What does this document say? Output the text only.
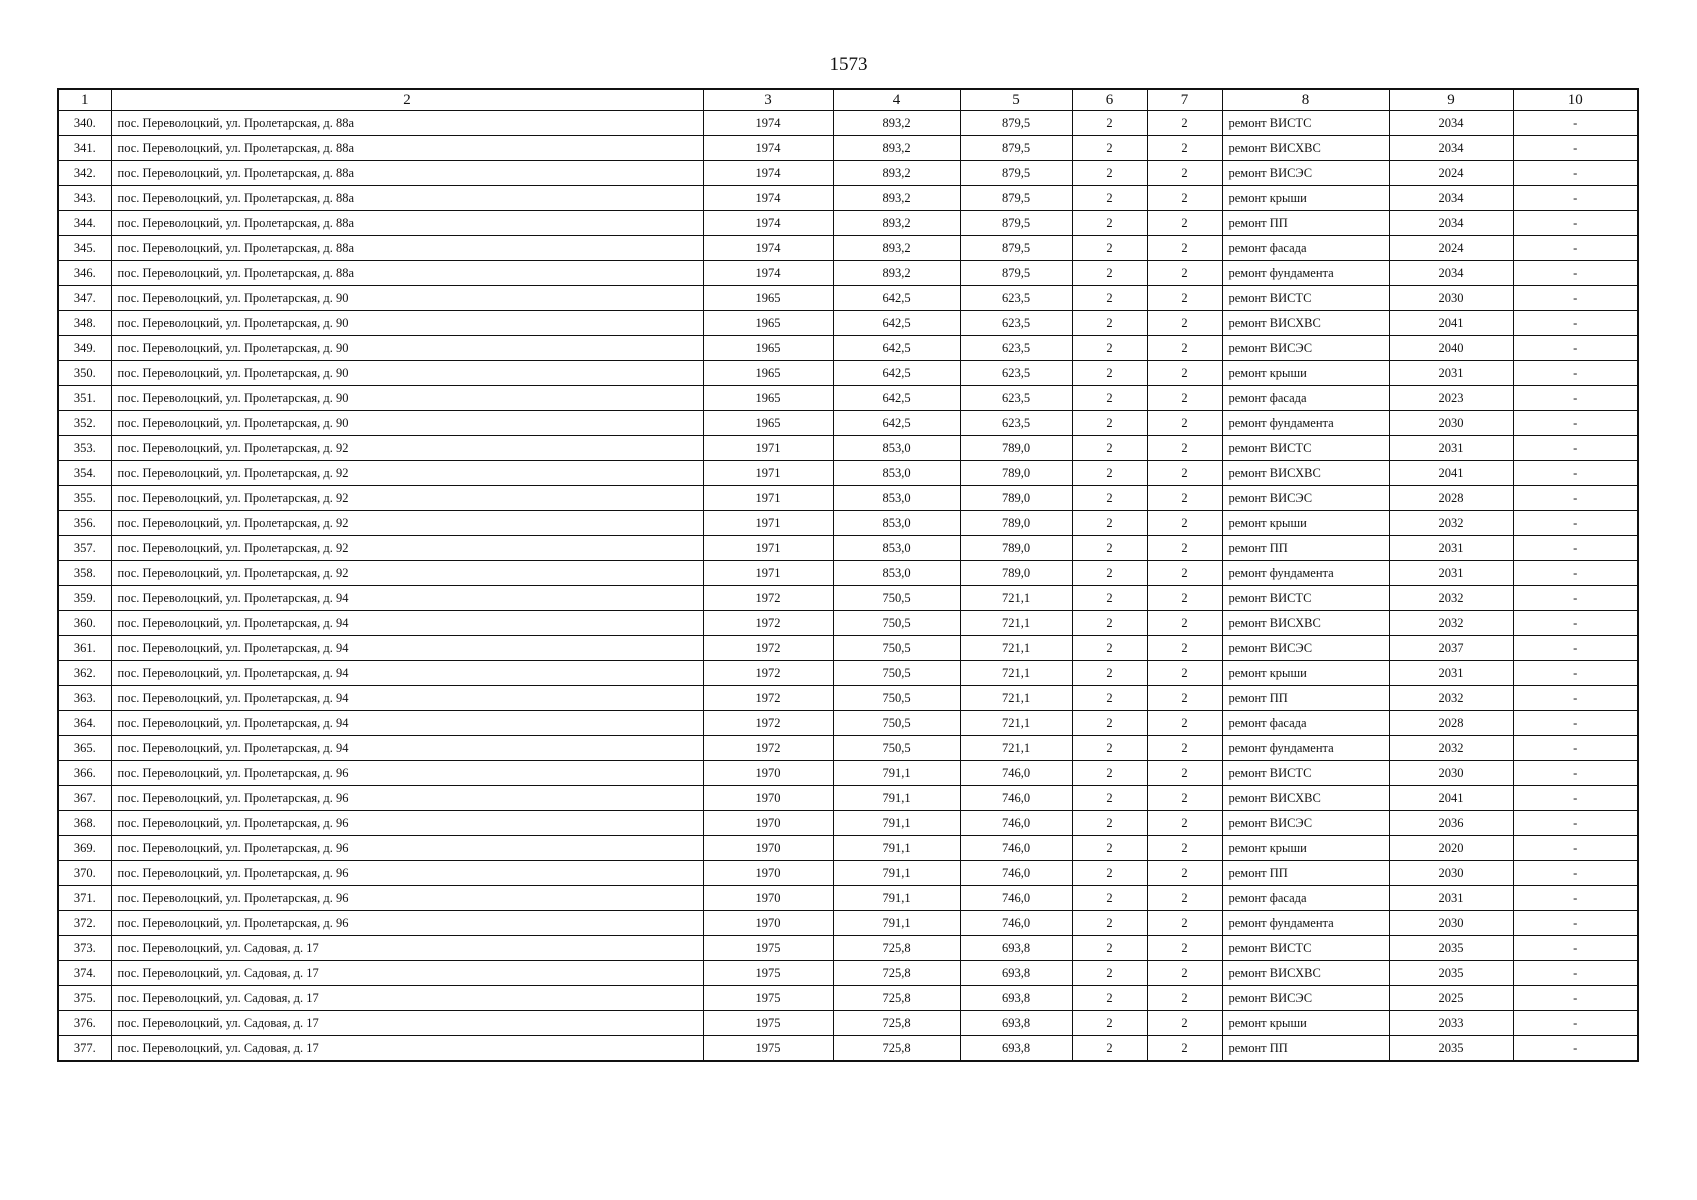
1573
1	2	3	4	5	6	7	8	9	10
340.	пос. Переволоцкий, ул. Пролетарская, д. 88а	1974	893,2	879,5	2	2	ремонт ВИСТС	2034	-
341.	пос. Переволоцкий, ул. Пролетарская, д. 88а	1974	893,2	879,5	2	2	ремонт ВИСХВС	2034	-
342.	пос. Переволоцкий, ул. Пролетарская, д. 88а	1974	893,2	879,5	2	2	ремонт ВИСЭС	2024	-
343.	пос. Переволоцкий, ул. Пролетарская, д. 88а	1974	893,2	879,5	2	2	ремонт крыши	2034	-
344.	пос. Переволоцкий, ул. Пролетарская, д. 88а	1974	893,2	879,5	2	2	ремонт ПП	2034	-
345.	пос. Переволоцкий, ул. Пролетарская, д. 88а	1974	893,2	879,5	2	2	ремонт фасада	2024	-
346.	пос. Переволоцкий, ул. Пролетарская, д. 88а	1974	893,2	879,5	2	2	ремонт фундамента	2034	-
347.	пос. Переволоцкий, ул. Пролетарская, д. 90	1965	642,5	623,5	2	2	ремонт ВИСТС	2030	-
348.	пос. Переволоцкий, ул. Пролетарская, д. 90	1965	642,5	623,5	2	2	ремонт ВИСХВС	2041	-
349.	пос. Переволоцкий, ул. Пролетарская, д. 90	1965	642,5	623,5	2	2	ремонт ВИСЭС	2040	-
350.	пос. Переволоцкий, ул. Пролетарская, д. 90	1965	642,5	623,5	2	2	ремонт крыши	2031	-
351.	пос. Переволоцкий, ул. Пролетарская, д. 90	1965	642,5	623,5	2	2	ремонт фасада	2023	-
352.	пос. Переволоцкий, ул. Пролетарская, д. 90	1965	642,5	623,5	2	2	ремонт фундамента	2030	-
353.	пос. Переволоцкий, ул. Пролетарская, д. 92	1971	853,0	789,0	2	2	ремонт ВИСТС	2031	-
354.	пос. Переволоцкий, ул. Пролетарская, д. 92	1971	853,0	789,0	2	2	ремонт ВИСХВС	2041	-
355.	пос. Переволоцкий, ул. Пролетарская, д. 92	1971	853,0	789,0	2	2	ремонт ВИСЭС	2028	-
356.	пос. Переволоцкий, ул. Пролетарская, д. 92	1971	853,0	789,0	2	2	ремонт крыши	2032	-
357.	пос. Переволоцкий, ул. Пролетарская, д. 92	1971	853,0	789,0	2	2	ремонт ПП	2031	-
358.	пос. Переволоцкий, ул. Пролетарская, д. 92	1971	853,0	789,0	2	2	ремонт фундамента	2031	-
359.	пос. Переволоцкий, ул. Пролетарская, д. 94	1972	750,5	721,1	2	2	ремонт ВИСТС	2032	-
360.	пос. Переволоцкий, ул. Пролетарская, д. 94	1972	750,5	721,1	2	2	ремонт ВИСХВС	2032	-
361.	пос. Переволоцкий, ул. Пролетарская, д. 94	1972	750,5	721,1	2	2	ремонт ВИСЭС	2037	-
362.	пос. Переволоцкий, ул. Пролетарская, д. 94	1972	750,5	721,1	2	2	ремонт крыши	2031	-
363.	пос. Переволоцкий, ул. Пролетарская, д. 94	1972	750,5	721,1	2	2	ремонт ПП	2032	-
364.	пос. Переволоцкий, ул. Пролетарская, д. 94	1972	750,5	721,1	2	2	ремонт фасада	2028	-
365.	пос. Переволоцкий, ул. Пролетарская, д. 94	1972	750,5	721,1	2	2	ремонт фундамента	2032	-
366.	пос. Переволоцкий, ул. Пролетарская, д. 96	1970	791,1	746,0	2	2	ремонт ВИСТС	2030	-
367.	пос. Переволоцкий, ул. Пролетарская, д. 96	1970	791,1	746,0	2	2	ремонт ВИСХВС	2041	-
368.	пос. Переволоцкий, ул. Пролетарская, д. 96	1970	791,1	746,0	2	2	ремонт ВИСЭС	2036	-
369.	пос. Переволоцкий, ул. Пролетарская, д. 96	1970	791,1	746,0	2	2	ремонт крыши	2020	-
370.	пос. Переволоцкий, ул. Пролетарская, д. 96	1970	791,1	746,0	2	2	ремонт ПП	2030	-
371.	пос. Переволоцкий, ул. Пролетарская, д. 96	1970	791,1	746,0	2	2	ремонт фасада	2031	-
372.	пос. Переволоцкий, ул. Пролетарская, д. 96	1970	791,1	746,0	2	2	ремонт фундамента	2030	-
373.	пос. Переволоцкий, ул. Садовая, д. 17	1975	725,8	693,8	2	2	ремонт ВИСТС	2035	-
374.	пос. Переволоцкий, ул. Садовая, д. 17	1975	725,8	693,8	2	2	ремонт ВИСХВС	2035	-
375.	пос. Переволоцкий, ул. Садовая, д. 17	1975	725,8	693,8	2	2	ремонт ВИСЭС	2025	-
376.	пос. Переволоцкий, ул. Садовая, д. 17	1975	725,8	693,8	2	2	ремонт крыши	2033	-
377.	пос. Переволоцкий, ул. Садовая, д. 17	1975	725,8	693,8	2	2	ремонт ПП	2035	-
